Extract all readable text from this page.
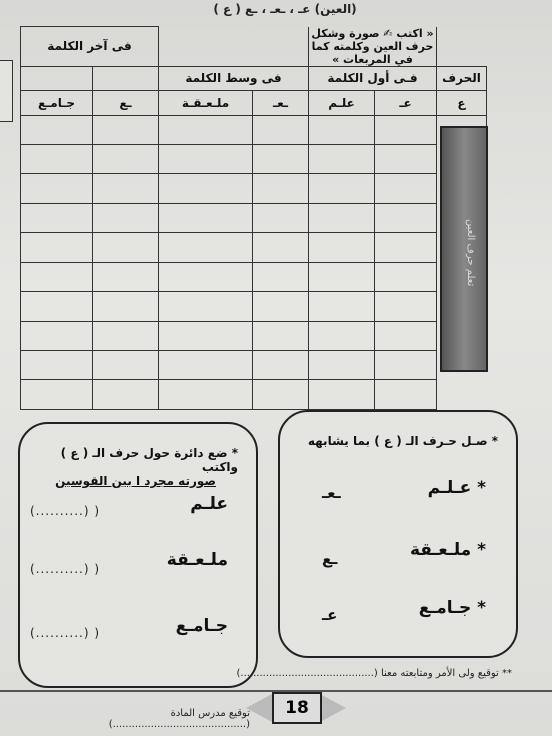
(العين) عـ ، ـعـ ، ـع ( ع )
	« اكتب ✍ صورة وشكل حرف العين وكلمته كما في المربعات »				فى آخر الكلمة	
الحرف	فـى أول الكلمة		فى وسط الكلمة			
ع	عـ	علـم	ـعـ	ملـعـقـة	ـع	جـامـع

تعلم حرف العين
* ضع دائرة حول حرف الـ ( ع ) واكتب
صورته مجرد ا بين القوسين
علـم
(..........) )
ملـعـقة
(..........) )
جـامـع
(..........) )
* صـل حـرف الـ ( ع ) بما يشابهه
* عـلـم
* ملـعـقة
* جـامـع
ـعـ
ـع
عـ
** توقيع ولى الأمر ومتابعته معنا (..........................................)
18
توقيع مدرس المادة (..........................................)
